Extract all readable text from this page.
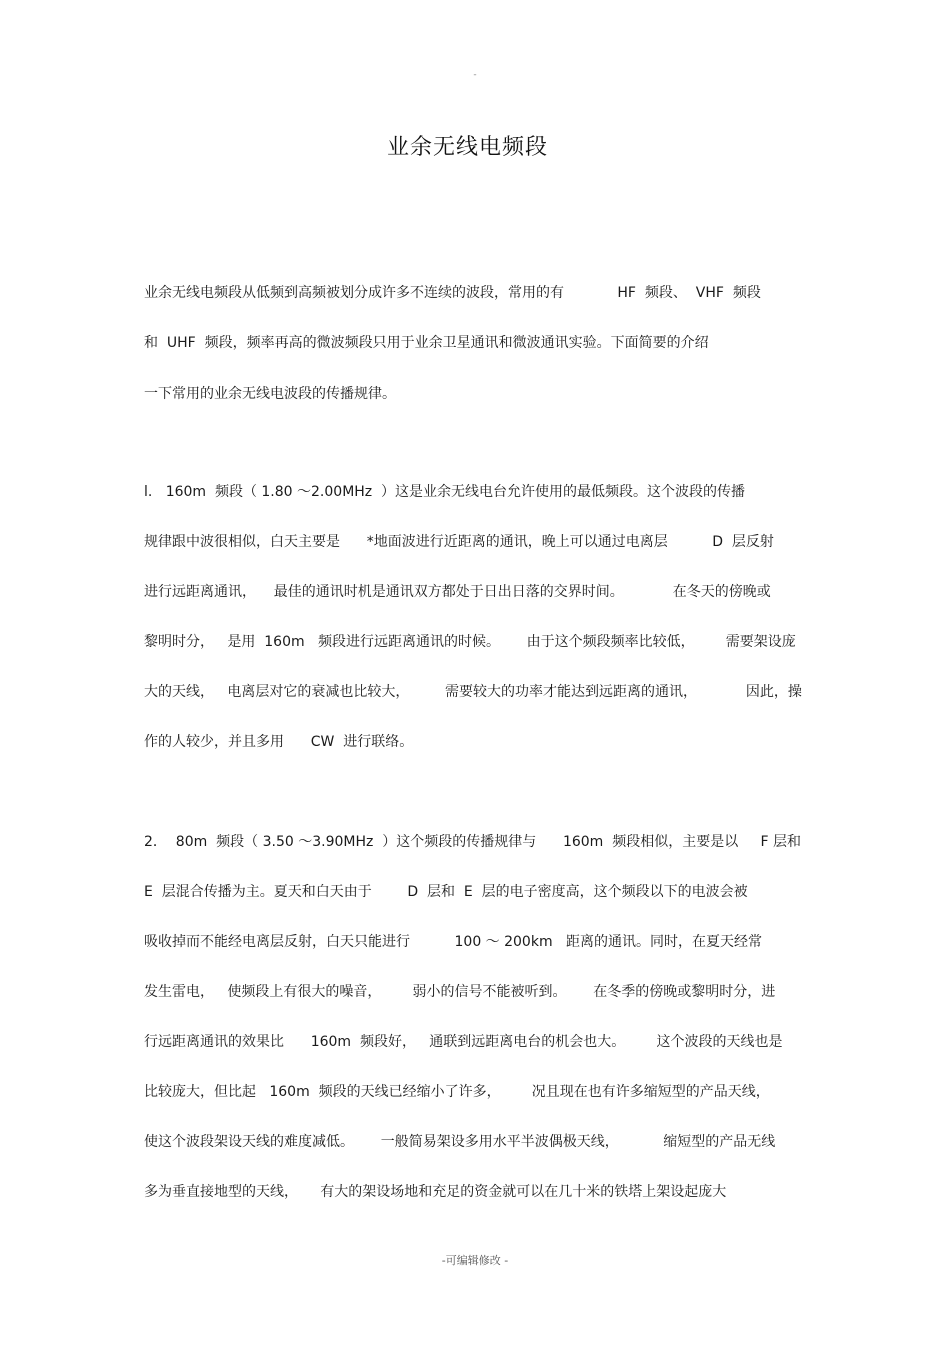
-
业余无线电频段
业余无线电频段从低频到高频被划分成许多不连续的波段，常用的有            HF  频段、  VHF  频段
和  UHF  频段，频率再高的微波频段只用于业余卫星通讯和微波通讯实验。下面简要的介绍
一下常用的业余无线电波段的传播规律。
l.   160m  频段（ 1.80 ～2.00MHz  ）这是业余无线电台允许使用的最低频段。这个波段的传播
规律跟中波很相似，白天主要是      *地面波进行近距离的通讯，晚上可以通过电离层          D  层反射
进行远距离通讯，    最佳的通讯时机是通讯双方都处于日出日落的交界时间。           在冬天的傍晚或
黎明时分，   是用  160m   频段进行远距离通讯的时候。      由于这个频段频率比较低，       需要架设庞
大的天线，   电离层对它的衰减也比较大，        需要较大的功率才能达到远距离的通讯，           因此，操
作的人较少，并且多用      CW  进行联络。
2．  80m  频段（ 3.50 ～3.90MHz  ）这个频段的传播规律与      160m  频段相似，主要是以     F 层和
E  层混合传播为主。夏天和白天由于        D  层和  E  层的电子密度高，这个频段以下的电波会被
吸收掉而不能经电离层反射，白天只能进行          100 ～ 200km   距离的通讯。同时，在夏天经常
发生雷电，   使频段上有很大的噪音，       弱小的信号不能被听到。      在冬季的傍晚或黎明时分，进
行远距离通讯的效果比      160m  频段好，   通联到远距离电台的机会也大。       这个波段的天线也是
比较庞大，但比起   160m  频段的天线已经缩小了许多，       况且现在也有许多缩短型的产品天线，
使这个波段架设天线的难度减低。      一般简易架设多用水平半波偶极天线，          缩短型的产品无线
多为垂直接地型的天线，     有大的架设场地和充足的资金就可以在几十米的铁塔上架设起庞大
-可编辑修改 -
